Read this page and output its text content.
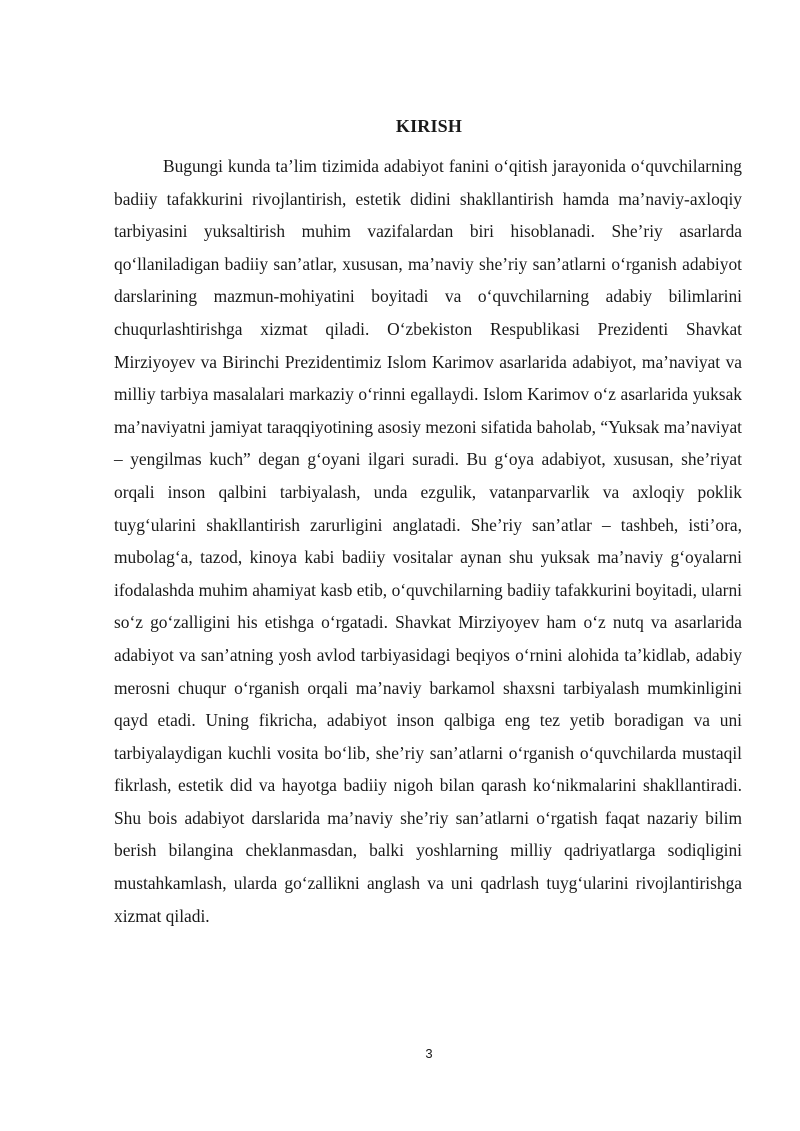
KIRISH

Bugungi kunda ta’lim tizimida adabiyot fanini o‘qitish jarayonida o‘quvchilarning badiiy tafakkurini rivojlantirish, estetik didini shakllantirish hamda ma’naviy-axloqiy tarbiyasini yuksaltirish muhim vazifalardan biri hisoblanadi. She’riy asarlarda qo‘llaniladigan badiiy san’atlar, xususan, ma’naviy she’riy san’atlarni o‘rganish adabiyot darslarining mazmun-mohiyatini boyitadi va o‘quvchilarning adabiy bilimlarini chuqurlashtirishga xizmat qiladi. O‘zbekiston Respublikasi Prezidenti Shavkat Mirziyoyev va Birinchi Prezidentimiz Islom Karimov asarlarida adabiyot, ma’naviyat va milliy tarbiya masalalari markaziy o‘rinni egallaydi. Islom Karimov o‘z asarlarida yuksak ma’naviyatni jamiyat taraqqiyotining asosiy mezoni sifatida baholab, “Yuksak ma’naviyat – yengilmas kuch” degan g‘oyani ilgari suradi. Bu g‘oya adabiyot, xususan, she’riyat orqali inson qalbini tarbiyalash, unda ezgulik, vatanparvarlik va axloqiy poklik tuyg‘ularini shakllantirish zarurligini anglatadi. She’riy san’atlar – tashbeh, isti’ora, mubolag‘a, tazod, kinoya kabi badiiy vositalar aynan shu yuksak ma’naviy g‘oyalarni ifodalashda muhim ahamiyat kasb etib, o‘quvchilarning badiiy tafakkurini boyitadi, ularni so‘z go‘zalligini his etishga o‘rgatadi. Shavkat Mirziyoyev ham o‘z nutq va asarlarida adabiyot va san’atning yosh avlod tarbiyasidagi beqiyos o‘rnini alohida ta’kidlab, adabiy merosni chuqur o‘rganish orqali ma’naviy barkamol shaxsni tarbiyalash mumkinligini qayd etadi. Uning fikricha, adabiyot inson qalbiga eng tez yetib boradigan va uni tarbiyalaydigan kuchli vosita bo‘lib, she’riy san’atlarni o‘rganish o‘quvchilarda mustaqil fikrlash, estetik did va hayotga badiiy nigoh bilan qarash ko‘nikmalarini shakllantiradi. Shu bois adabiyot darslarida ma’naviy she’riy san’atlarni o‘rgatish faqat nazariy bilim berish bilangina cheklanmasdan, balki yoshlarning milliy qadriyatlarga sodiqligini mustahkamlash, ularda go‘zallikni anglash va uni qadrlash tuyg‘ularini rivojlantirishga xizmat qiladi.

3
